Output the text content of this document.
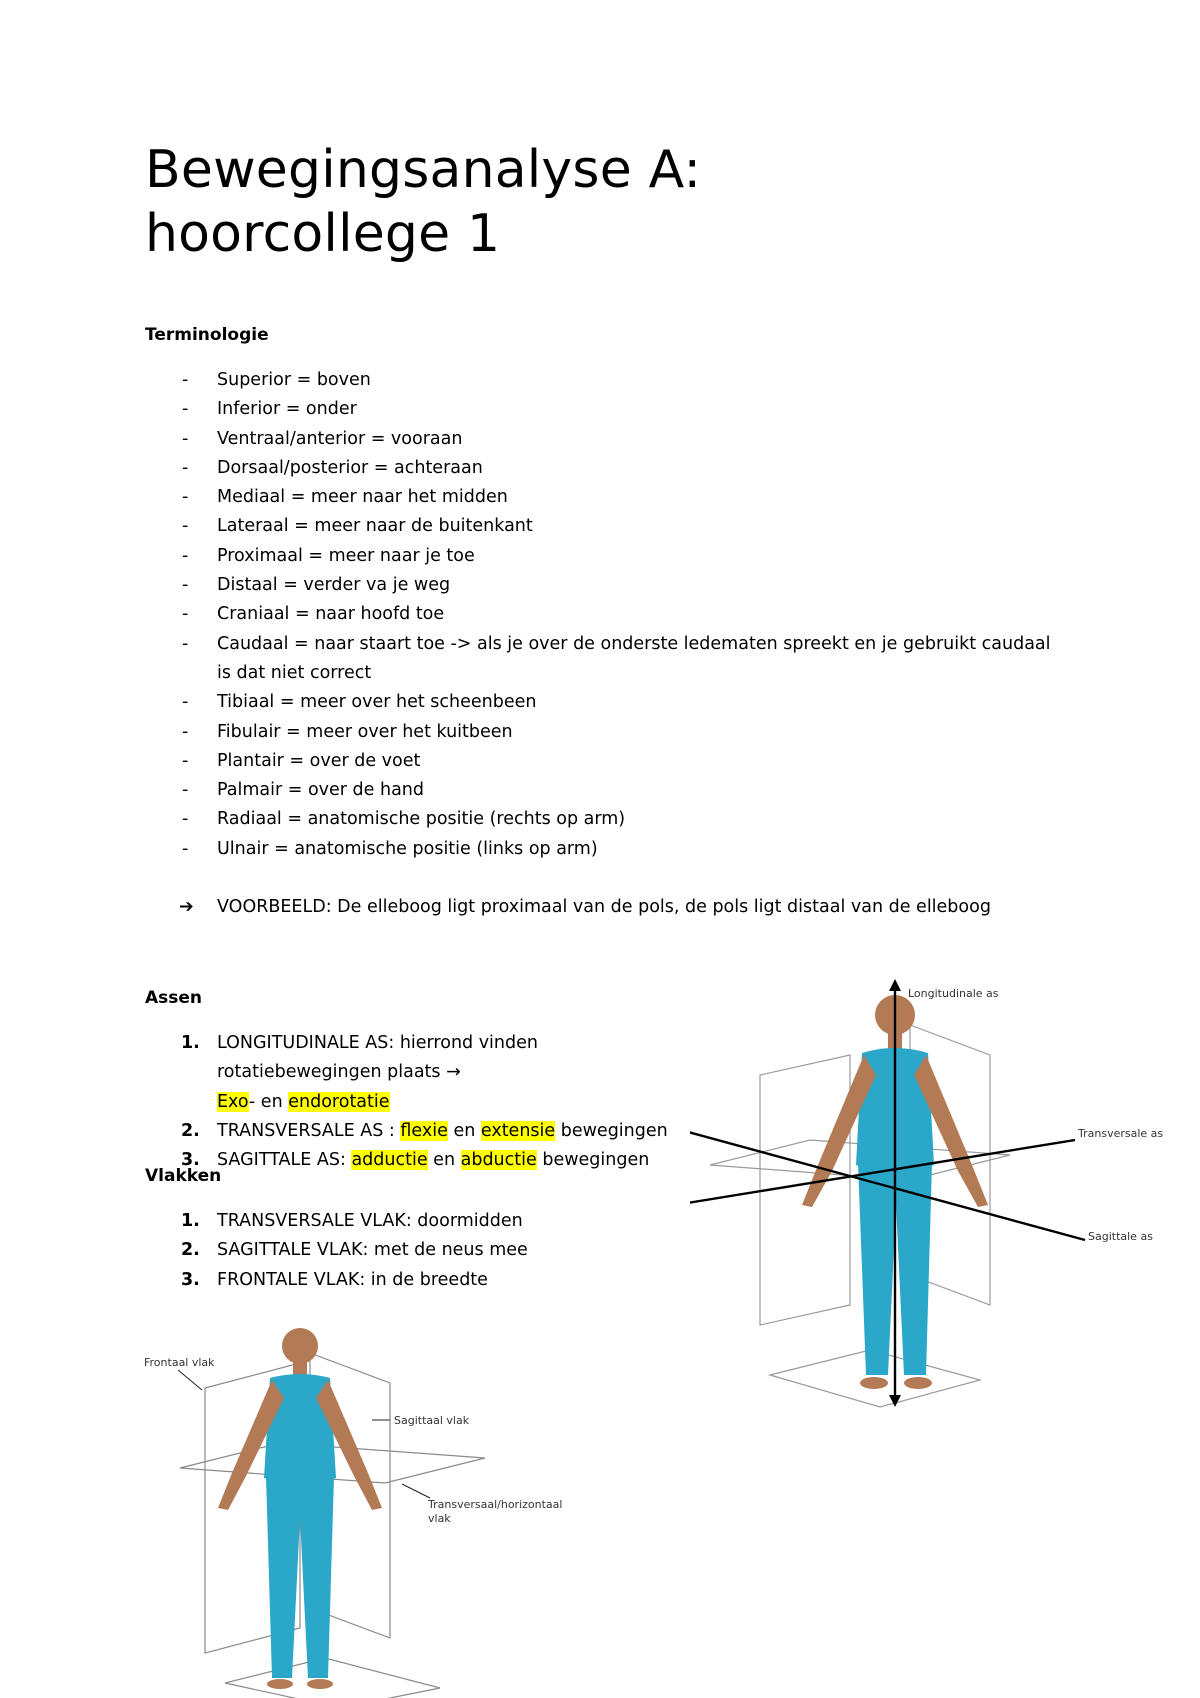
Bewegingsanalyse A:
hoorcollege 1
Terminologie
- Superior = boven
- Inferior = onder
- Ventraal/anterior = vooraan
- Dorsaal/posterior = achteraan
- Mediaal = meer naar het midden
- Lateraal = meer naar de buitenkant
- Proximaal = meer naar je toe
- Distaal = verder va je weg
- Craniaal = naar hoofd toe
- Caudaal = naar staart toe -> als je over de onderste ledematen spreekt en je gebruikt caudaal
is dat niet correct
- Tibiaal = meer over het scheenbeen
- Fibulair = meer over het kuitbeen
- Plantair = over de voet
- Palmair = over de hand
- Radiaal = anatomische positie (rechts op arm)
- Ulnair = anatomische positie (links op arm)
➔ VOORBEELD: De elleboog ligt proximaal van de pols, de pols ligt distaal van de elleboog
Assen
1. LONGITUDINALE AS: hierrond vinden rotatiebewegingen plaats →
Exo- en endorotatie
2. TRANSVERSALE AS : flexie en extensie bewegingen
3. SAGITTALE AS: adductie en abductie bewegingen
Vlakken
1. TRANSVERSALE VLAK: doormidden
2. SAGITTALE VLAK: met de neus mee
3. FRONTALE VLAK: in de breedte
Longitudinale as
Transversale as
Sagittale as
Frontaal vlak
Sagittaal vlak
Transversaal/horizontaal
vlak
